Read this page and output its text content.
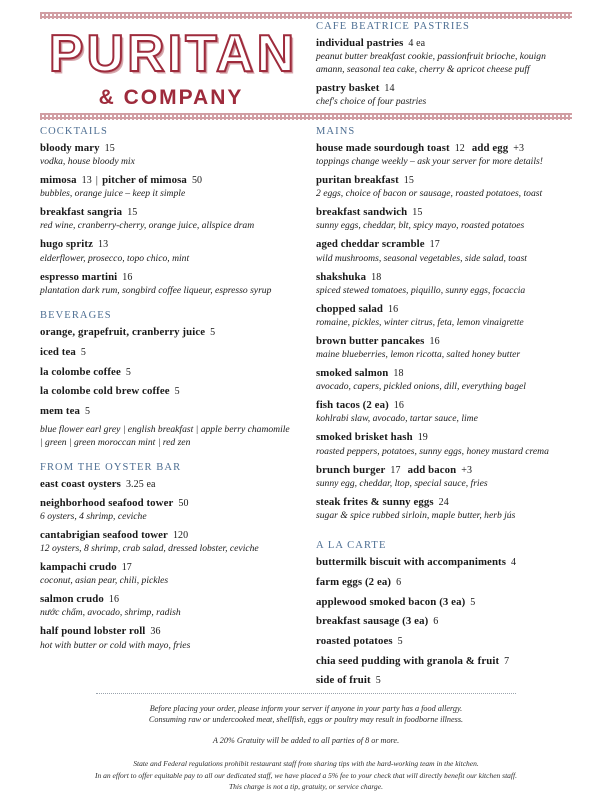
PURITAN
& COMPANY
CAFE BEATRICE PASTRIES
individual pastries 4 ea
peanut butter breakfast cookie, passionfruit brioche, kouign amann, seasonal tea cake, cherry & apricot cheese puff
pastry basket 14
chef's choice of four pastries
COCKTAILS
bloody mary 15
vodka, house bloody mix
mimosa 13 | pitcher of mimosa 50
bubbles, orange juice – keep it simple
breakfast sangria 15
red wine, cranberry-cherry, orange juice, allspice dram
hugo spritz 13
elderflower, prosecco, topo chico, mint
espresso martini 16
plantation dark rum, songbird coffee liqueur, espresso syrup
BEVERAGES
orange, grapefruit, cranberry juice 5
iced tea 5
la colombe coffee 5
la colombe cold brew coffee 5
mem tea 5
blue flower earl grey | english breakfast | apple berry chamomile | green | green moroccan mint | red zen
FROM THE OYSTER BAR
east coast oysters 3.25 ea
neighborhood seafood tower 50
6 oysters, 4 shrimp, ceviche
cantabrigian seafood tower 120
12 oysters, 8 shrimp, crab salad, dressed lobster, ceviche
kampachi crudo 17
coconut, asian pear, chili, pickles
salmon crudo 16
nước chấm, avocado, shrimp, radish
half pound lobster roll 36
hot with butter or cold with mayo, fries
MAINS
house made sourdough toast 12 add egg +3
toppings change weekly – ask your server for more details!
puritan breakfast 15
2 eggs, choice of bacon or sausage, roasted potatoes, toast
breakfast sandwich 15
sunny eggs, cheddar, blt, spicy mayo, roasted potatoes
aged cheddar scramble 17
wild mushrooms, seasonal vegetables, side salad, toast
shakshuka 18
spiced stewed tomatoes, piquillo, sunny eggs, focaccia
chopped salad 16
romaine, pickles, winter citrus, feta, lemon vinaigrette
brown butter pancakes 16
maine blueberries, lemon ricotta, salted honey butter
smoked salmon 18
avocado, capers, pickled onions, dill, everything bagel
fish tacos (2 ea) 16
kohlrabi slaw, avocado, tartar sauce, lime
smoked brisket hash 19
roasted peppers, potatoes, sunny eggs, honey mustard crema
brunch burger 17 add bacon +3
sunny egg, cheddar, ltop, special sauce, fries
steak frites & sunny eggs 24
sugar & spice rubbed sirloin, maple butter, herb jús
A LA CARTE
buttermilk biscuit with accompaniments 4
farm eggs (2 ea) 6
applewood smoked bacon (3 ea) 5
breakfast sausage (3 ea) 6
roasted potatoes 5
chia seed pudding with granola & fruit 7
side of fruit 5
Before placing your order, please inform your server if anyone in your party has a food allergy.
Consuming raw or undercooked meat, shellfish, eggs or poultry may result in foodborne illness.
A 20% Gratuity will be added to all parties of 8 or more.
State and Federal regulations prohibit restaurant staff from sharing tips with the hard-working team in the kitchen.
In an effort to offer equitable pay to all our dedicated staff, we have placed a 5% fee to your check that will directly benefit our kitchen staff.
This charge is not a tip, gratuity, or service charge.
